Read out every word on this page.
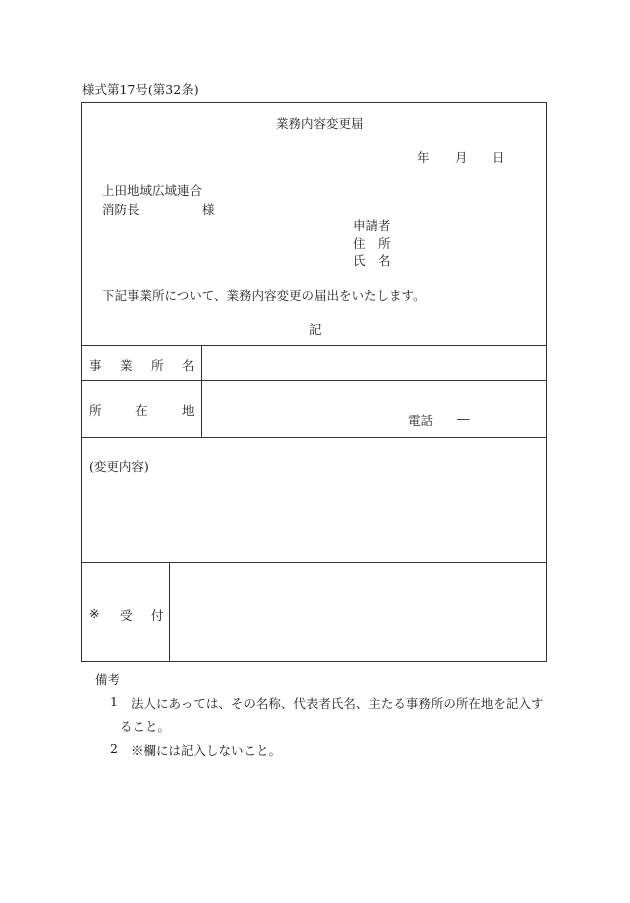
様式第17号(第32条)
業務内容変更届
年 月 日
上田地域広域連合
消防長	様
申請者
住　所
氏　名
下記事業所について、業務内容変更の届出をいたします。
記
事 業 所 名
所	在	地
電話 ―
(変更内容)
※ 受 付
備考
1 法人にあっては、その名称、代表者氏名、主たる事務所の所在地を記入す
ること。
2 ※欄には記入しないこと。
